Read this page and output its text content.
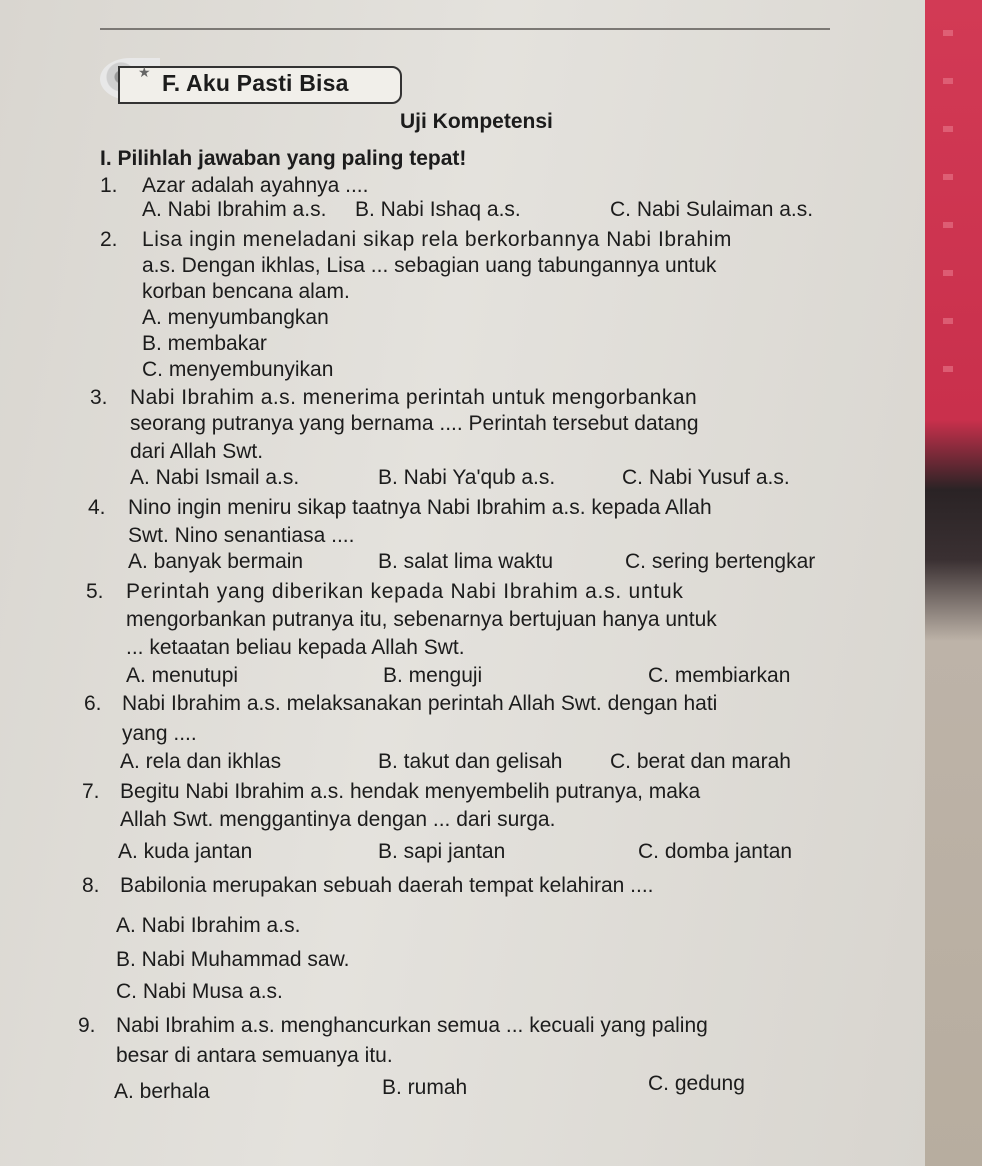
★ F. Aku Pasti Bisa
Uji Kompetensi
I. Pilihlah jawaban yang paling tepat!
1. Azar adalah ayahnya ....
A. Nabi Ibrahim a.s. B. Nabi Ishaq a.s.	C. Nabi Sulaiman a.s.
2. Lisa ingin meneladani sikap rela berkorbannya Nabi Ibrahim
a.s. Dengan ikhlas, Lisa ... sebagian uang tabungannya untuk
korban bencana alam.
A. menyumbangkan
B. membakar
C. menyembunyikan
3. Nabi Ibrahim a.s. menerima perintah untuk mengorbankan
seorang putranya yang bernama .... Perintah tersebut datang
dari Allah Swt.
A. Nabi Ismail a.s.	B. Nabi Ya'qub a.s.	C. Nabi Yusuf a.s.
4. Nino ingin meniru sikap taatnya Nabi Ibrahim a.s. kepada Allah
Swt. Nino senantiasa ....
A. banyak bermain	B. salat lima waktu	C. sering bertengkar
5. Perintah yang diberikan kepada Nabi Ibrahim a.s. untuk
mengorbankan putranya itu, sebenarnya bertujuan hanya untuk
... ketaatan beliau kepada Allah Swt.
A. menutupi	B. menguji	C. membiarkan
6. Nabi Ibrahim a.s. melaksanakan perintah Allah Swt. dengan hati
yang ....
A. rela dan ikhlas	B. takut dan gelisah C. berat dan marah
7. Begitu Nabi Ibrahim a.s. hendak menyembelih putranya, maka
Allah Swt. menggantinya dengan ... dari surga.
A. kuda jantan	B. sapi jantan	C. domba jantan
8. Babilonia merupakan sebuah daerah tempat kelahiran ....
A. Nabi Ibrahim a.s.
B. Nabi Muhammad saw.
C. Nabi Musa a.s.
9. Nabi Ibrahim a.s. menghancurkan semua ... kecuali yang paling
besar di antara semuanya itu.
A. berhala	B. rumah	C. gedung
